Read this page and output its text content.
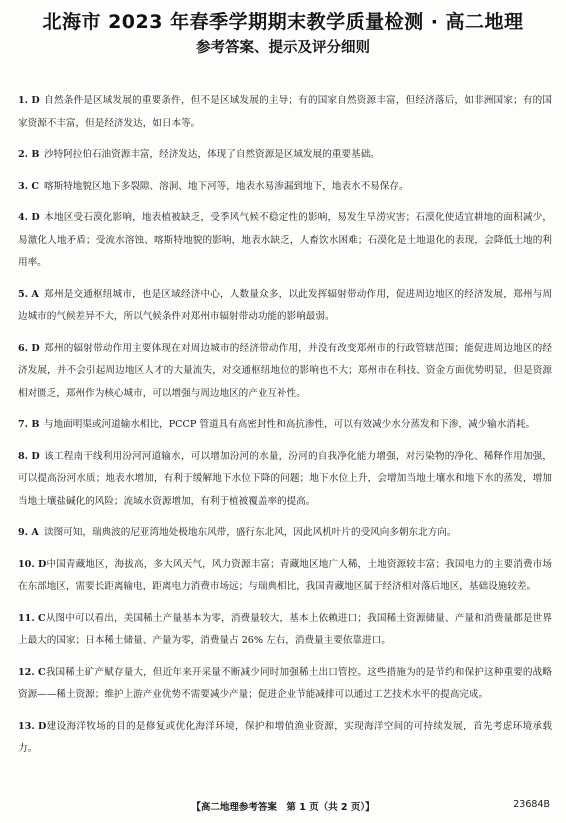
北海市 2023 年春季学期期末教学质量检测 · 高二地理
参考答案、提示及评分细则
1. D 自然条件是区域发展的重要条件，但不是区域发展的主导；有的国家自然资源丰富，但经济落后，如非洲国家；有的国家资源不丰富，但是经济发达，如日本等。
2. B 沙特阿拉伯石油资源丰富，经济发达，体现了自然资源是区域发展的重要基础。
3. C 喀斯特地貌区地下多裂隙、溶洞、地下河等，地表水易渗漏到地下，地表水不易保存。
4. D 本地区受石漠化影响，地表植被缺乏，受季风气候不稳定性的影响，易发生旱涝灾害；石漠化使适宜耕地的面积减少，易激化人地矛盾；受流水溶蚀、喀斯特地貌的影响，地表水缺乏，人畜饮水困难；石漠化是土地退化的表现，会降低土地的利用率。
5. A 郑州是交通枢纽城市，也是区域经济中心，人数量众多，以此发挥辐射带动作用，促进周边地区的经济发展，郑州与周边城市的气候差异不大，所以气候条件对郑州市辐射带动功能的影响最弱。
6. D 郑州的辐射带动作用主要体现在对周边城市的经济带动作用，并没有改变郑州市的行政管辖范围；能促进周边地区的经济发展，并不会引起周边地区人才的大量流失，对交通枢纽地位的影响也不大；郑州市在科技、资金方面优势明显，但是资源相对匮乏，郑州作为核心城市，可以增强与周边地区的产业互补性。
7. B 与地面明渠或河道输水相比，PCCP 管道具有高密封性和高抗渗性，可以有效减少水分蒸发和下渗，减少输水消耗。
8. D 该工程南干线利用汾河河道输水，可以增加汾河的水量，汾河的自我净化能力增强，对污染物的净化、稀释作用加强，可以提高汾河水质；地表水增加，有利于缓解地下水位下降的问题；地下水位上升，会增加当地土壤水和地下水的蒸发，增加当地土壤盐碱化的风险；流域水资源增加，有利于植被覆盖率的提高。
9. A 读图可知，瑞典波的尼亚湾地处极地东风带，盛行东北风，因此风机叶片的受风向多朝东北方向。
10. D中国青藏地区，海拔高，多大风天气，风力资源丰富；青藏地区地广人稀，土地资源较丰富；我国电力的主要消费市场在东部地区，需要长距离输电，距离电力消费市场远；与瑞典相比，我国青藏地区属于经济相对落后地区，基础设施较差。
11. C从图中可以看出，美国稀土产量基本为零，消费量较大，基本上依赖进口；我国稀土资源储量、产量和消费量都是世界上最大的国家；日本稀土储量、产量为零，消费量占 26% 左右，消费量主要依靠进口。
12. C我国稀土矿产赋存量大，但近年来开采量不断减少同时加强稀土出口管控。这些措施为的是节约和保护这种重要的战略资源——稀土资源；维护上游产业优势不需要减少产量；促进企业节能减排可以通过工艺技术水平的提高完成。
13. D建设海洋牧场的目的是修复或优化海洋环境，保护和增值渔业资源，实现海洋空间的可持续发展，首先考虑环境承载力。
【高二地理参考答案　第 1 页（共 2 页）】	23684B
